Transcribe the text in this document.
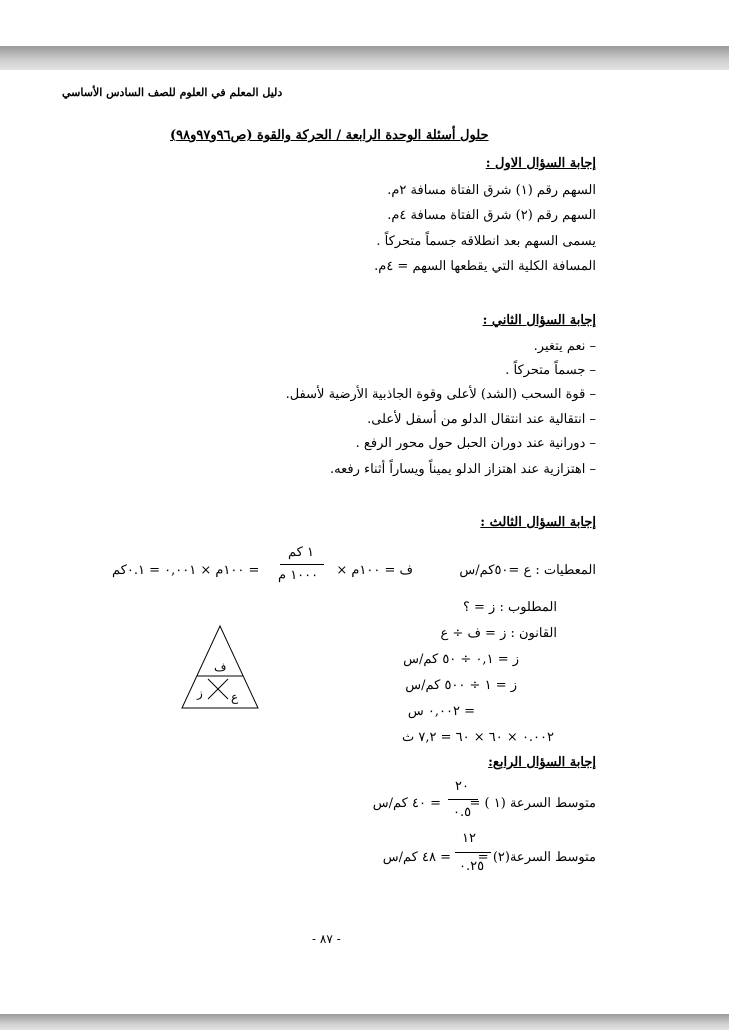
دليل المعلم في العلوم للصف السادس الأساسي
حلول أسئلة الوحدة الرابعة / الحركة والقوة (ص٩٦و٩٧و٩٨)
إجابة السؤال الاول :
السهم رقم (١) شرق الفتاة مسافة ٢م.
السهم رقم (٢) شرق الفتاة مسافة ٤م.
يسمى السهم بعد انطلاقه جسماً متحركاً .
المسافة الكلية التي يقطعها السهم = ٤م.
إجابة السؤال الثاني :
– نعم يتغير.
– جسماً متحركاً .
– قوة السحب (الشد) لأعلى وقوة الجاذبية الأرضية لأسفل.
– انتقالية عند انتقال الدلو من أسفل لأعلى.
– دورانية عند دوران الحبل حول محور الرفع .
– اهتزازية عند اهتزاز الدلو يميناً ويساراً أثناء رفعه.
إجابة السؤال الثالث :
المعطيات : ع =٥٠كم/س
ف = ١٠٠م ×
١ كم
١٠٠٠ م
= ١٠٠م × ٠,٠٠١ = ٠.١كم
المطلوب : ز = ؟
القانون : ز = ف ÷ ع
ز = ٠,١ ÷ ٥٠ كم/س
ز = ١ ÷ ٥٠٠ كم/س
= ٠,٠٠٢ س
٠.٠٠٢ × ٦٠ × ٦٠ = ٧,٢ ث
ف
ز ع
إجابة السؤال الرابع:
٢٠
٠.٥
متوسط السرعة (١ ) =
= ٤٠ كم/س
١٢
٠.٢٥
متوسط السرعة(٢) =
= ٤٨ كم/س
- ٨٧ -
